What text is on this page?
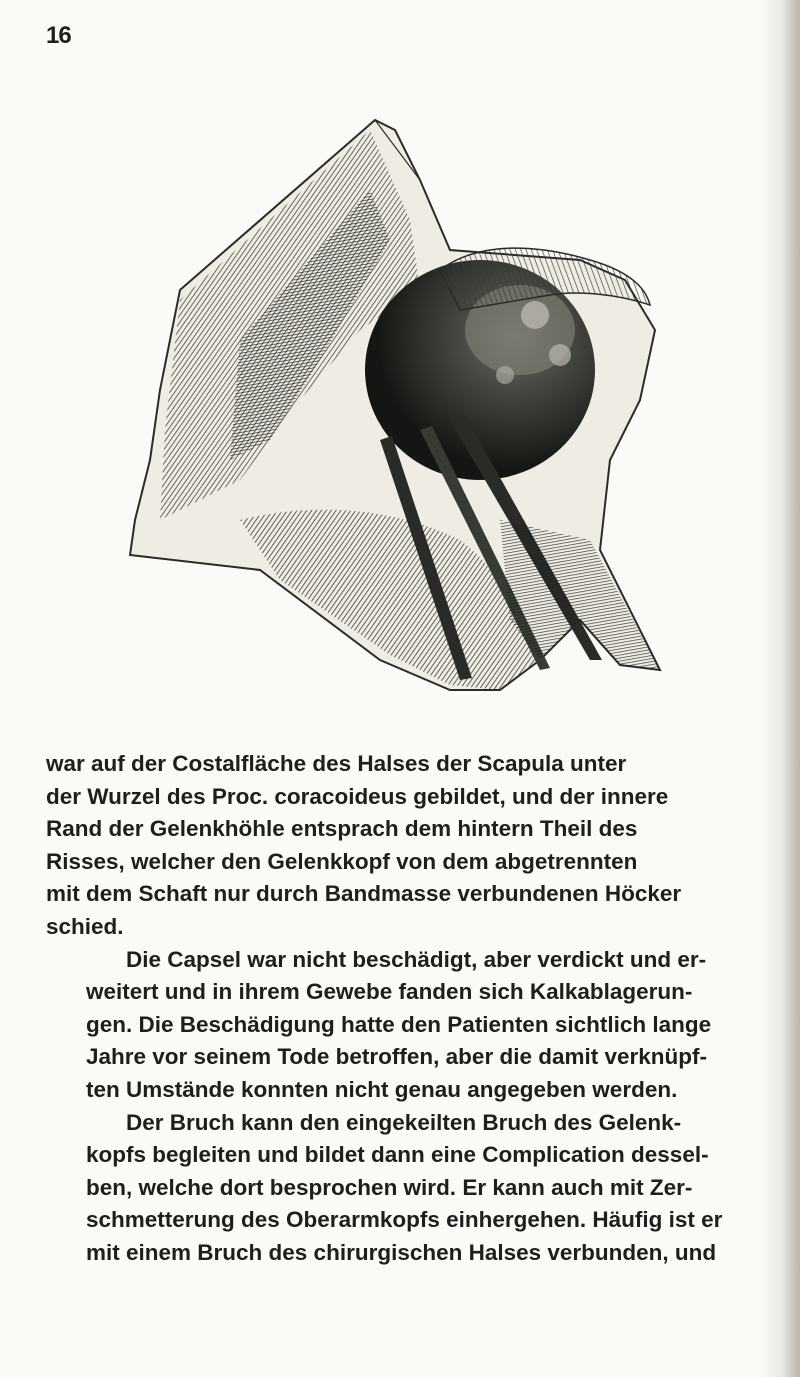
16

war auf der Costalfläche des Halses der Scapula unter
der Wurzel des Proc. coracoideus gebildet, und der innere
Rand der Gelenkhöhle entsprach dem hintern Theil des
Risses, welcher den Gelenkkopf von dem abgetrennten
mit dem Schaft nur durch Bandmasse verbundenen Höcker
schied.

Die Capsel war nicht beschädigt, aber verdickt und er-
weitert und in ihrem Gewebe fanden sich Kalkablagerun-
gen. Die Beschädigung hatte den Patienten sichtlich lange
Jahre vor seinem Tode betroffen, aber die damit verknüpf-
ten Umstände konnten nicht genau angegeben werden.

Der Bruch kann den eingekeilten Bruch des Gelenk-
kopfs begleiten und bildet dann eine Complication dessel-
ben, welche dort besprochen wird. Er kann auch mit Zer-
schmetterung des Oberarmkopfs einhergehen. Häufig ist er
mit einem Bruch des chirurgischen Halses verbunden, und
